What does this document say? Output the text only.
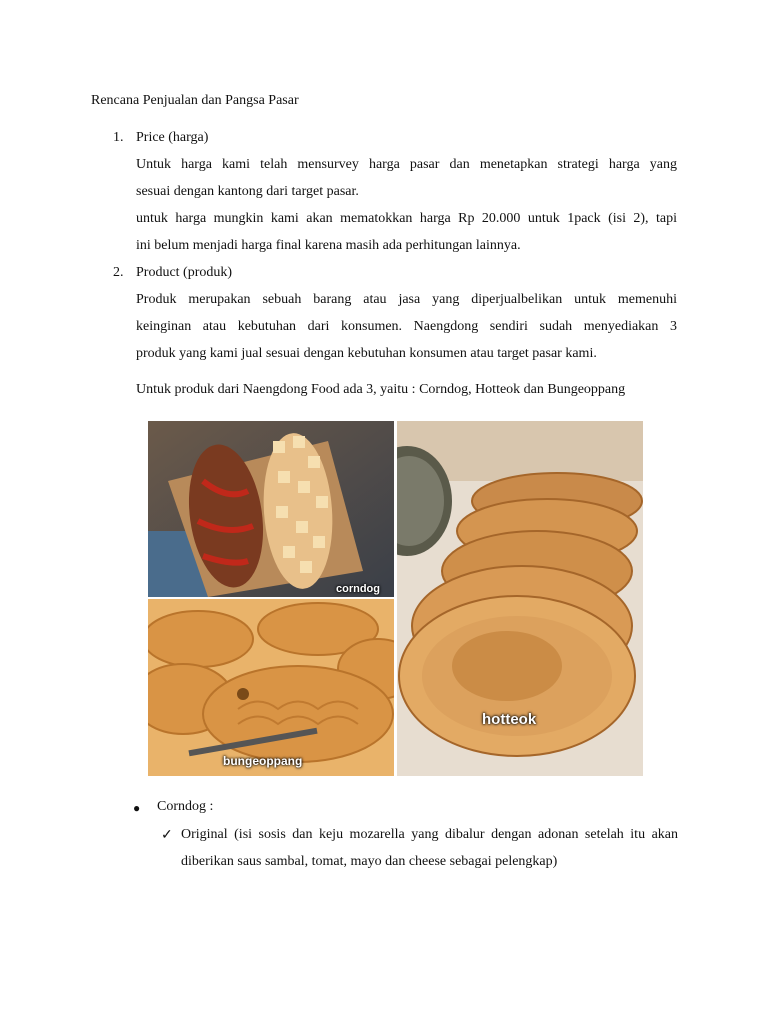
Rencana Penjualan dan Pangsa Pasar
1. Price (harga)
Untuk harga kami telah mensurvey harga pasar dan menetapkan strategi harga yang
sesuai dengan kantong dari target pasar.
untuk harga mungkin kami akan mematokkan harga Rp 20.000 untuk 1pack (isi 2), tapi
ini belum menjadi harga final karena masih ada perhitungan lainnya.
2. Product (produk)
Produk merupakan sebuah barang atau jasa yang diperjualbelikan untuk memenuhi
keinginan atau kebutuhan dari konsumen. Naengdong sendiri sudah menyediakan 3
produk yang kami jual sesuai dengan kebutuhan konsumen atau target pasar kami.
Untuk produk dari Naengdong Food ada 3, yaitu : Corndog, Hotteok dan Bungeoppang
corndog
bungeoppang
hotteok
● Corndog :
✓ Original (isi sosis dan keju mozarella yang dibalur dengan adonan setelah itu akan
diberikan saus sambal, tomat, mayo dan cheese sebagai pelengkap)
